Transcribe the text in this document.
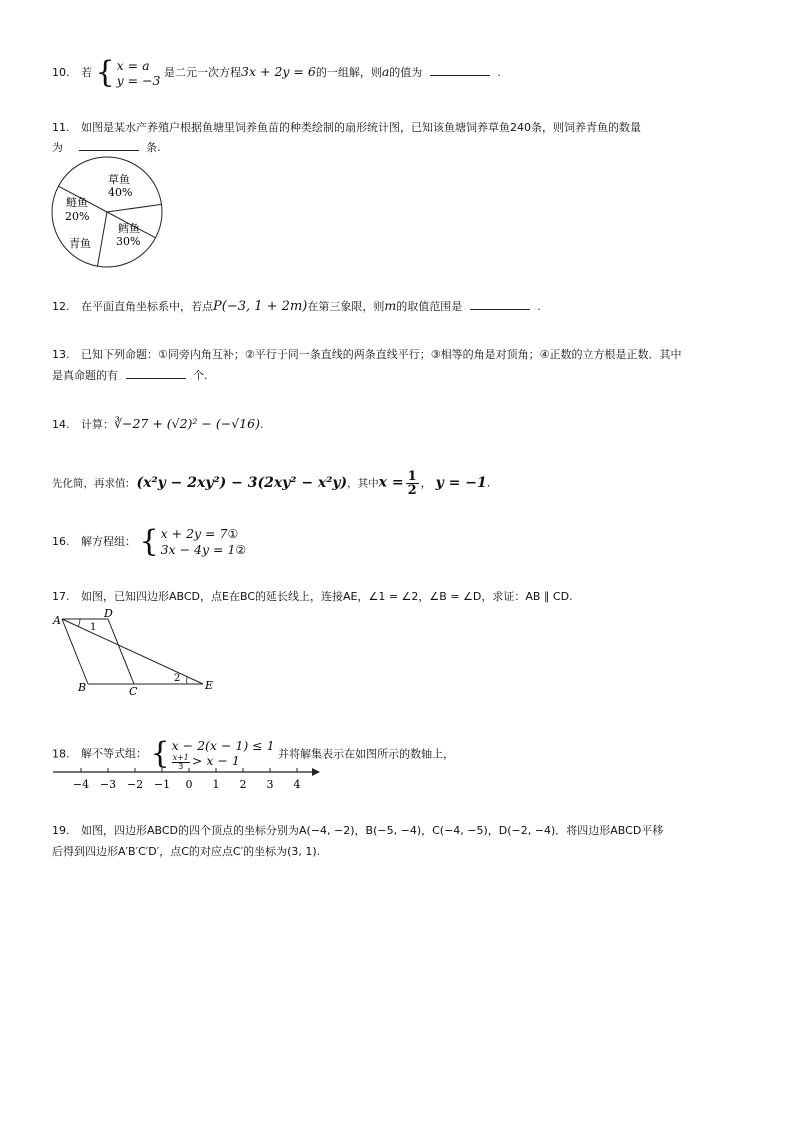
10. 若 { x = a
y = −3
是二元一次方程3x + 2y = 6的一组解，则a的值为	.
11. 如图是某水产养殖户根据鱼塘里饲养鱼苗的种类绘制的扇形统计图，已知该鱼塘饲养草鱼240条，则饲养青鱼的数量
为	条.
草鱼
40%
鳕鱼
30%
鲢鱼
20%
青鱼
12. 在平面直角坐标系中，若点P(−3, 1 + 2m)在第三象限，则m的取值范围是	.
13. 已知下列命题：①同旁内角互补；②平行于同一条直线的两条直线平行；③相等的角是对顶角；④正数的立方根是正数．其中
是真命题的有	个.
14. 计算：∛−27 + (√2)² − (−√16).
先化简，再求值: (x²y − 2xy²) − 3(2xy² − x²y)，其中$x = \frac{1}{2}$ ， y = −1.
16. 解方程组： { x + 2y = 7①
3x − 4y = 1②
17. 如图，已知四边形ABCD，点E在BC的延长线上，连接AE，∠1 = ∠2，∠B = ∠D，求证：AB ∥ CD.
A
D
B	C	E
1
2
18. 解不等式组： { x − 2(x − 1) ≤ 1
$\frac{x+1}{3} > x - 1$	并将解集表示在如图所示的数轴上，
−4 −3 −2 −1 0 1 2 3 4
19. 如图，四边形ABCD的四个顶点的坐标分别为A(−4, −2)，B(−5, −4)，C(−4, −5)，D(−2, −4)．将四边形ABCD平移
后得到四边形A′B′C′D′，点C的对应点C′的坐标为(3, 1).
